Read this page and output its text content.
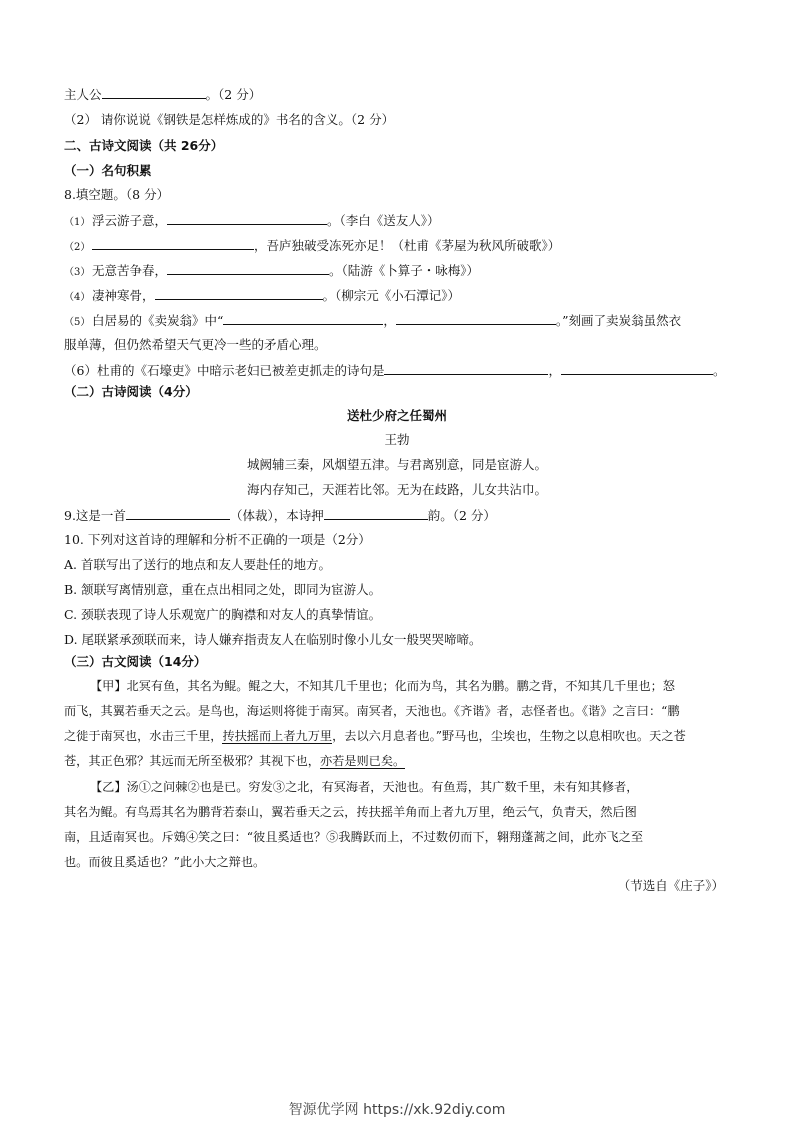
主人公	。（2 分）
（2） 请你说说《钢铁是怎样炼成的》书名的含义。（2 分）
二、古诗文阅读（共 26分）
（一）名句积累
8.填空题。（8 分）
（1） 浮云游子意，	。（李白《送友人》）
（2）	，吾庐独破受冻死亦足！（杜甫《茅屋为秋风所破歌》）
（3） 无意苦争春，	。（陆游《卜算子・咏梅》）
（4） 凄神寒骨，	。（柳宗元《小石潭记》）
（5） 白居易的《卖炭翁》中“	，	。”刻画了卖炭翁虽然衣
服单薄，但仍然希望天气更冷一些的矛盾心理。
（6）杜甫的《石壕吏》中暗示老妇已被差吏抓走的诗句是	，	。
（二）古诗阅读（4分）
送杜少府之任蜀州
王勃
城阙辅三秦，风烟望五津。与君离别意，同是宦游人。
海内存知己，天涯若比邻。无为在歧路，儿女共沾巾。
9.这是一首	（体裁），本诗押	韵。（2 分）
10. 下列对这首诗的理解和分析不正确的一项是（2分）
A. 首联写出了送行的地点和友人要赴任的地方。
B. 颔联写离情别意，重在点出相同之处，即同为宦游人。
C. 颈联表现了诗人乐观宽广的胸襟和对友人的真挚情谊。
D. 尾联紧承颈联而来，诗人嫌弃指责友人在临别时像小儿女一般哭哭啼啼。
（三）古文阅读（14分）
【甲】北冥有鱼，其名为鲲。鲲之大，不知其几千里也；化而为鸟，其名为鹏。鹏之背，不知其几千里也；怒
而飞，其翼若垂天之云。是鸟也，海运则将徙于南冥。南冥者，天池也。《齐谐》者，志怪者也。《谐》之言曰：“鹏
之徙于南冥也，水击三千里，抟扶摇而上者九万里，去以六月息者也。”野马也，尘埃也，生物之以息相吹也。天之苍
苍，其正色邪？其远而无所至极邪？其视下也，亦若是则已矣。
【乙】汤①之问棘②也是已。穷发③之北，有冥海者，天池也。有鱼焉，其广数千里，未有知其修者，
其名为鲲。有鸟焉其名为鹏背若泰山，翼若垂天之云，抟扶摇羊角而上者九万里，绝云气，负青天，然后图
南，且适南冥也。斥鴳④笑之曰：“彼且奚适也？⑤我腾跃而上，不过数仞而下，翱翔蓬蒿之间，此亦飞之至
也。而彼且奚适也？”此小大之辩也。
（节选自《庄子》）
智源优学网 https://xk.92diy.com
